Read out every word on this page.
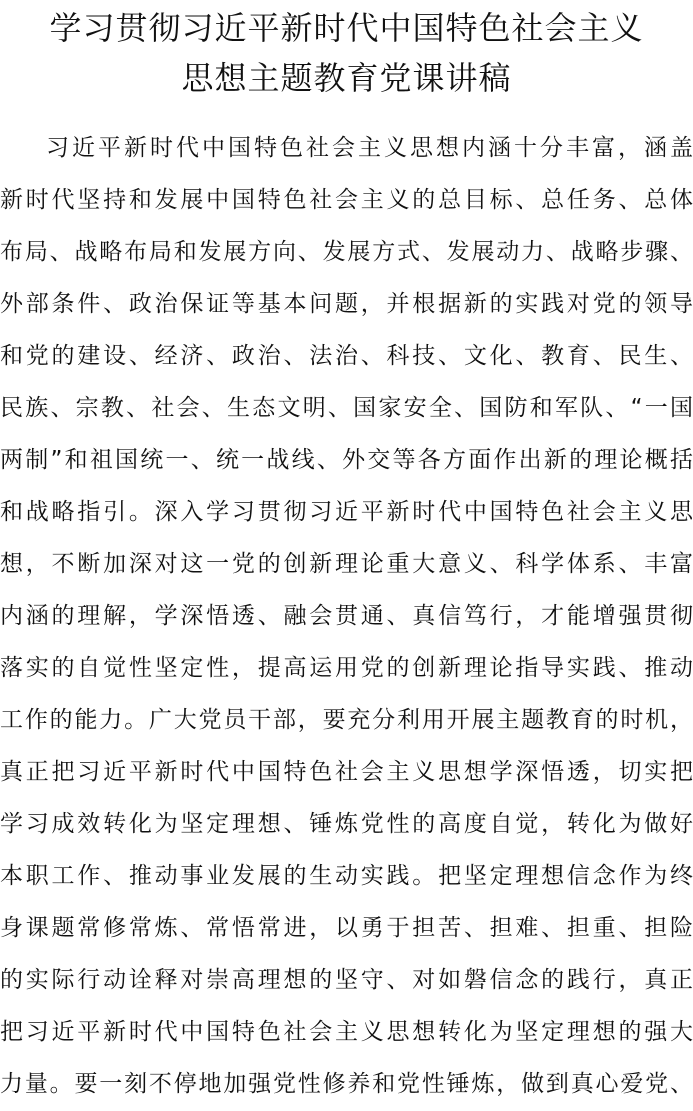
学习贯彻习近平新时代中国特色社会主义
思想主题教育党课讲稿
习近平新时代中国特色社会主义思想内涵十分丰富，涵盖
新时代坚持和发展中国特色社会主义的总目标、总任务、总体
布局、战略布局和发展方向、发展方式、发展动力、战略步骤、
外部条件、政治保证等基本问题，并根据新的实践对党的领导
和党的建设、经济、政治、法治、科技、文化、教育、民生、
民族、宗教、社会、生态文明、国家安全、国防和军队、“一国
两制”和祖国统一、统一战线、外交等各方面作出新的理论概括
和战略指引。深入学习贯彻习近平新时代中国特色社会主义思
想，不断加深对这一党的创新理论重大意义、科学体系、丰富
内涵的理解，学深悟透、融会贯通、真信笃行，才能增强贯彻
落实的自觉性坚定性，提高运用党的创新理论指导实践、推动
工作的能力。广大党员干部，要充分利用开展主题教育的时机，
真正把习近平新时代中国特色社会主义思想学深悟透，切实把
学习成效转化为坚定理想、锤炼党性的高度自觉，转化为做好
本职工作、推动事业发展的生动实践。把坚定理想信念作为终
身课题常修常炼、常悟常进，以勇于担苦、担难、担重、担险
的实际行动诠释对崇高理想的坚守、对如磐信念的践行，真正
把习近平新时代中国特色社会主义思想转化为坚定理想的强大
力量。要一刻不停地加强党性修养和党性锤炼，做到真心爱党、
